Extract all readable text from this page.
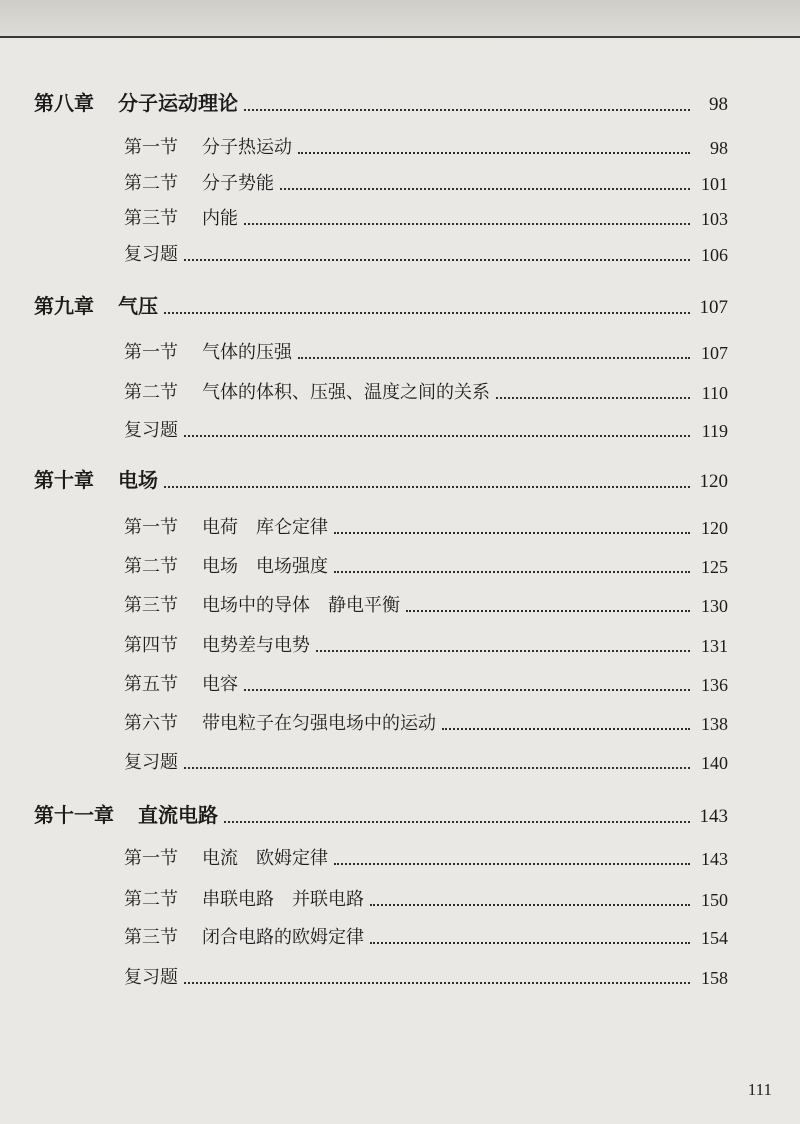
第八章 分子运动理论	98
第一节 分子热运动	98
第二节 分子势能	101
第三节 内能	103
复习题	106
第九章 气压	107
第一节 气体的压强	107
第二节 气体的体积、压强、温度之间的关系	110
复习题	119
第十章 电场	120
第一节 电荷　库仑定律	120
第二节 电场　电场强度	125
第三节 电场中的导体　静电平衡	130
第四节 电势差与电势	131
第五节 电容	136
第六节 带电粒子在匀强电场中的运动	138
复习题	140
第十一章 直流电路	143
第一节 电流　欧姆定律	143
第二节 串联电路　并联电路	150
第三节 闭合电路的欧姆定律	154
复习题	158
111
